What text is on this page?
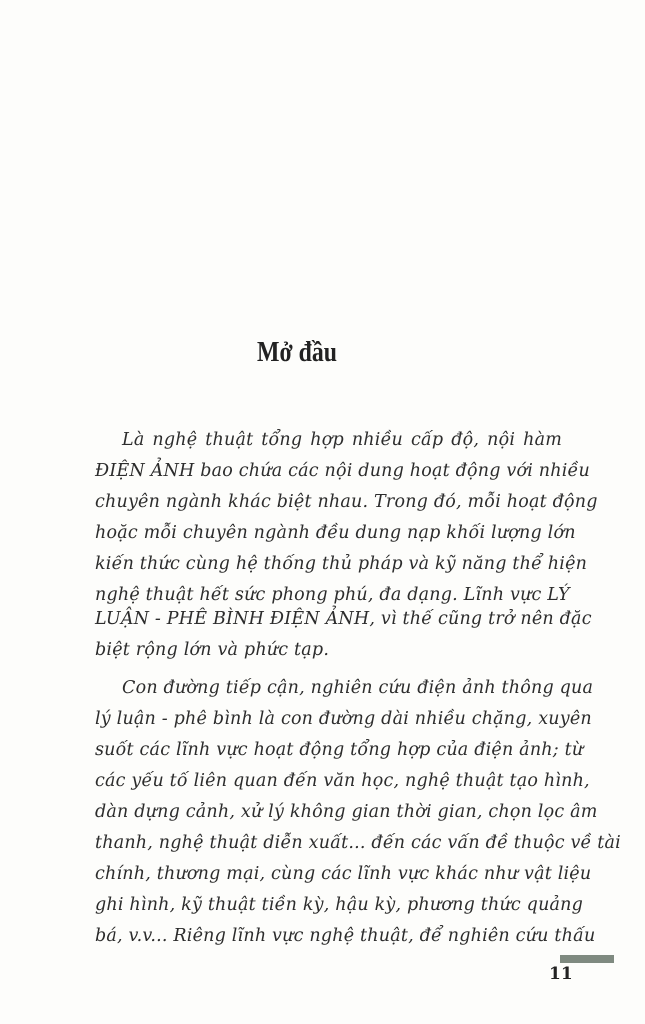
Mở đầu
Là nghệ thuật tổng hợp nhiều cấp độ, nội hàm
ĐIỆN ẢNH bao chứa các nội dung hoạt động với nhiều
chuyên ngành khác biệt nhau. Trong đó, mỗi hoạt động
hoặc mỗi chuyên ngành đều dung nạp khối lượng lớn
kiến thức cùng hệ thống thủ pháp và kỹ năng thể hiện
nghệ thuật hết sức phong phú, đa dạng. Lĩnh vực LÝ
LUẬN - PHÊ BÌNH ĐIỆN ẢNH, vì thế cũng trở nên đặc
biệt rộng lớn và phức tạp.
Con đường tiếp cận, nghiên cứu điện ảnh thông qua
lý luận - phê bình là con đường dài nhiều chặng, xuyên
suốt các lĩnh vực hoạt động tổng hợp của điện ảnh; từ
các yếu tố liên quan đến văn học, nghệ thuật tạo hình,
dàn dựng cảnh, xử lý không gian thời gian, chọn lọc âm
thanh, nghệ thuật diễn xuất... đến các vấn đề thuộc về tài
chính, thương mại, cùng các lĩnh vực khác như vật liệu
ghi hình, kỹ thuật tiền kỳ, hậu kỳ, phương thức quảng
bá, v.v... Riêng lĩnh vực nghệ thuật, để nghiên cứu thấu
11
